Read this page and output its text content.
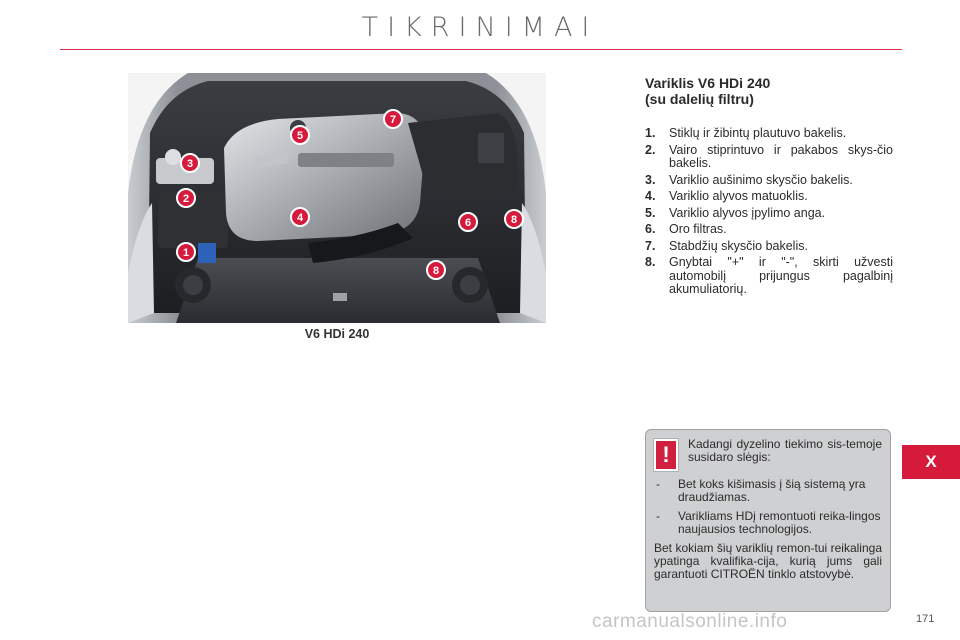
TIKRINIMAI
1
2
3
4
5
6
7
8
8
V6 HDi 240
Variklis V6 HDi 240
(su dalelių filtru)
1.	Stiklų ir žibintų plautuvo bakelis.
2.	Vairo stiprintuvo ir pakabos skys-čio bakelis.
3.	Variklio aušinimo skysčio bakelis.
4.	Variklio alyvos matuoklis.
5.	Variklio alyvos įpylimo anga.
6.	Oro filtras.
7.	Stabdžių skysčio bakelis.
8.	Gnybtai "+" ir "-", skirti užvesti automobilį prijungus pagalbinį akumuliatorių.
!	Kadangi dyzelino tiekimo sis-temoje susidaro slėgis:
-	Bet koks kišimasis į šią sistemą yra draudžiamas.
-	Varikliams HDį remontuoti reika-lingos naujausios technologijos.
Bet kokiam šių variklių remon-tui reikalinga ypatinga kvalifika-cija, kurią jums gali garantuoti CITROËN tinklo atstovybė.
X
carmanualsonline.info	171
